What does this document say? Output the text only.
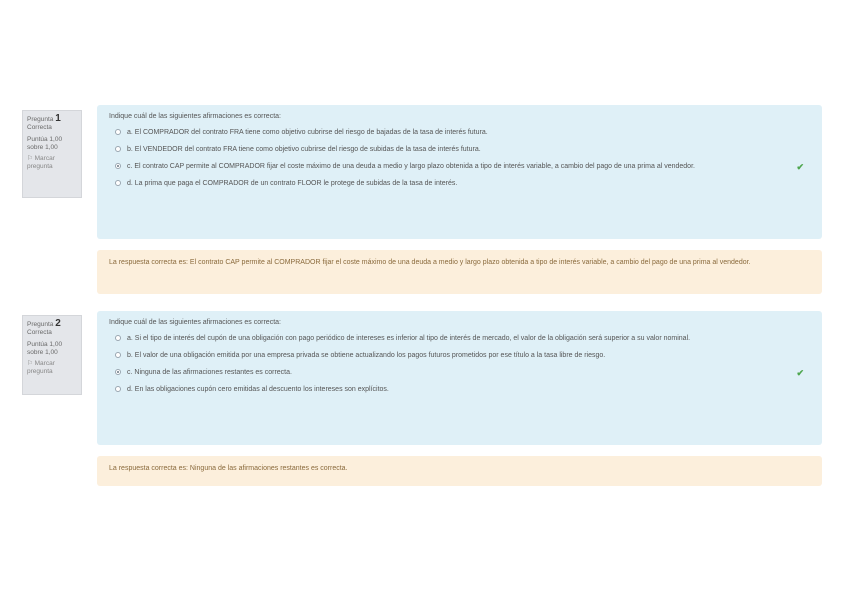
Pregunta 1
Correcta
Puntúa 1,00 sobre 1,00
⚐ Marcar pregunta
Indique cuál de las siguientes afirmaciones es correcta:
a. El COMPRADOR del contrato FRA tiene como objetivo cubrirse del riesgo de bajadas de la tasa de interés futura.
b. El VENDEDOR del contrato FRA tiene como objetivo cubrirse del riesgo de subidas de la tasa de interés futura.
c. El contrato CAP permite al COMPRADOR fijar el coste máximo de una deuda a medio y largo plazo obtenida a tipo de interés variable, a cambio del pago de una prima al vendedor.	✔
d. La prima que paga el COMPRADOR de un contrato FLOOR le protege de subidas de la tasa de interés.
La respuesta correcta es: El contrato CAP permite al COMPRADOR fijar el coste máximo de una deuda a medio y largo plazo obtenida a tipo de interés variable, a cambio del pago de una prima al vendedor.
Pregunta 2
Correcta
Puntúa 1,00 sobre 1,00
⚐ Marcar pregunta
Indique cuál de las siguientes afirmaciones es correcta:
a. Si el tipo de interés del cupón de una obligación con pago periódico de intereses es inferior al tipo de interés de mercado, el valor de la obligación será superior a su valor nominal.
b. El valor de una obligación emitida por una empresa privada se obtiene actualizando los pagos futuros prometidos por ese título a la tasa libre de riesgo.
c. Ninguna de las afirmaciones restantes es correcta.	✔
d. En las obligaciones cupón cero emitidas al descuento los intereses son explícitos.
La respuesta correcta es: Ninguna de las afirmaciones restantes es correcta.
